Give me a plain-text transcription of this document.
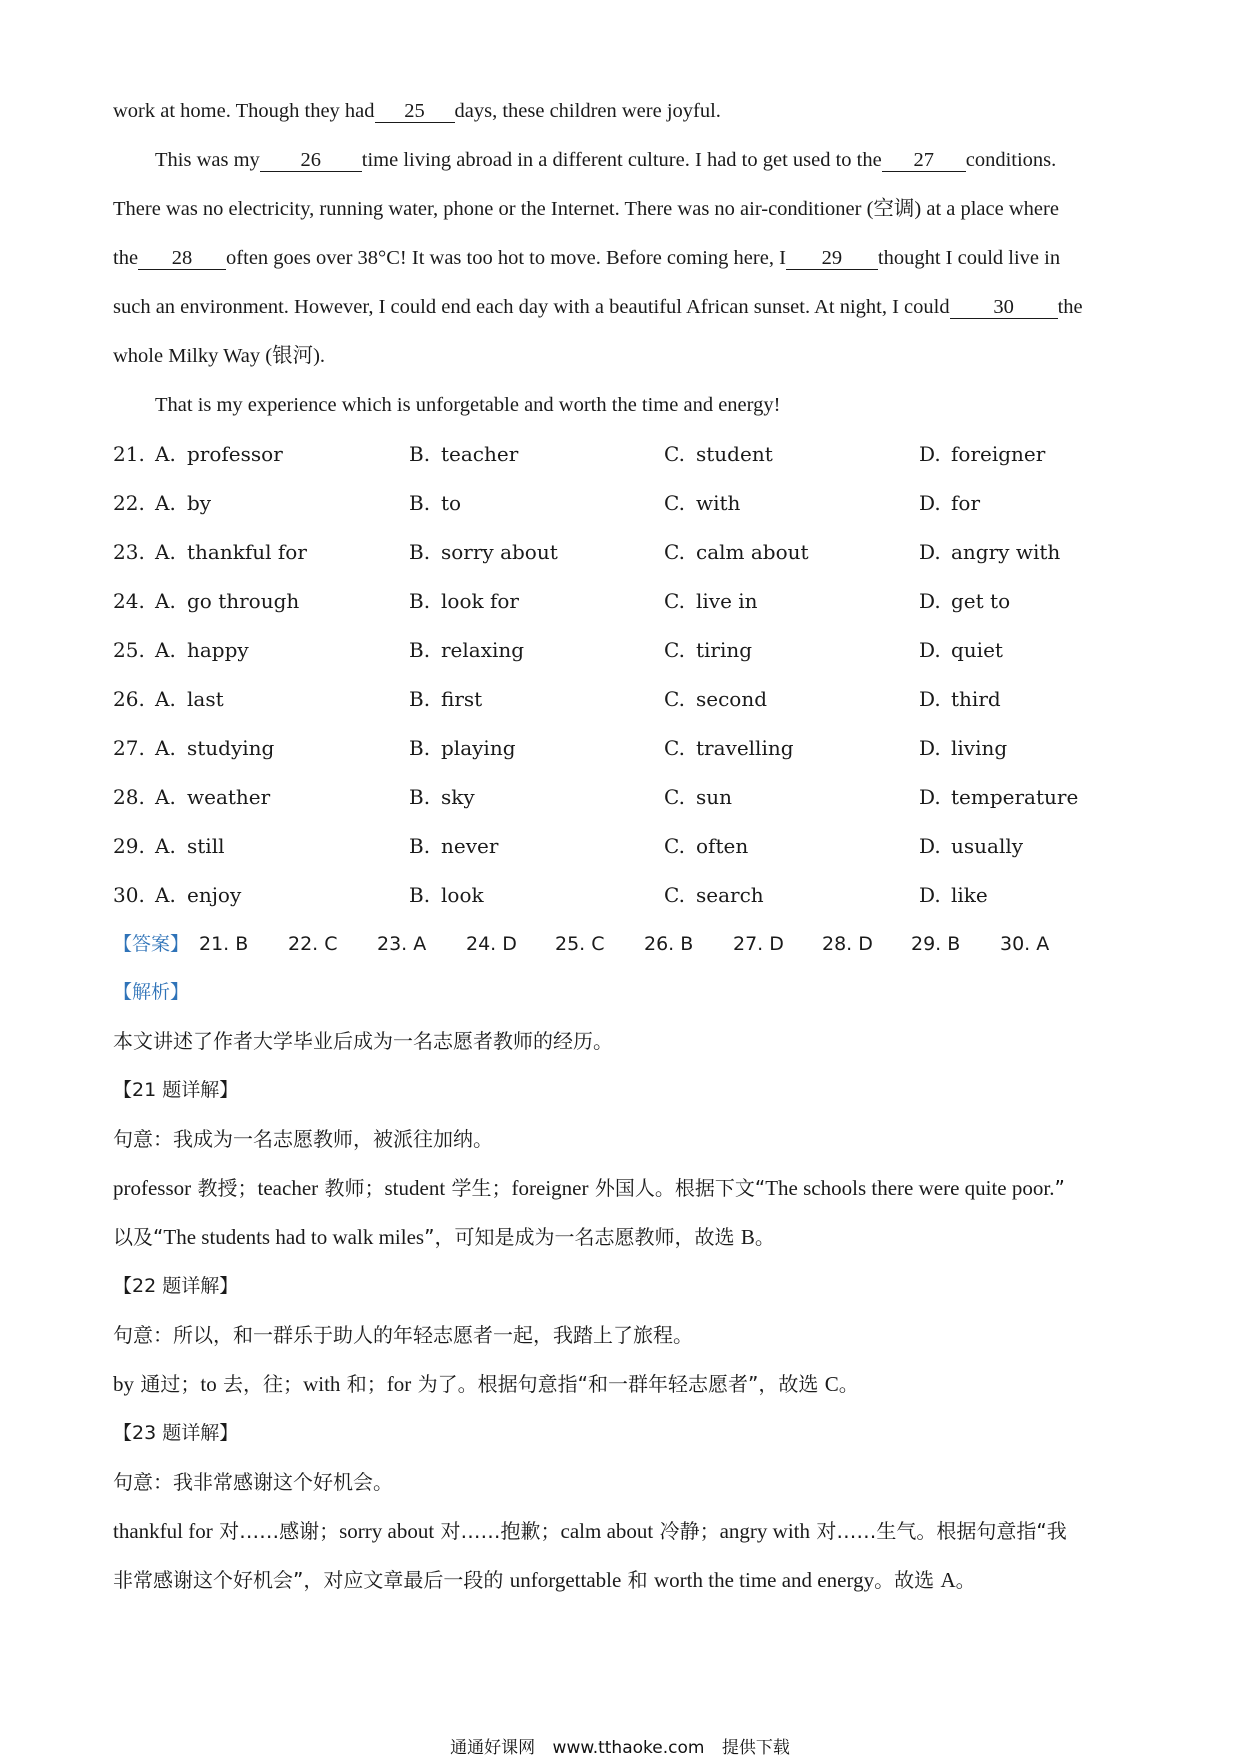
work at home. Though they had 25 days, these children were joyful.
This was my 26 time living abroad in a different culture. I had to get used to the 27 conditions.
There was no electricity, running water, phone or the Internet. There was no air-conditioner (空调) at a place where
the 28 often goes over 38°C! It was too hot to move. Before coming here, I 29 thought I could live in
such an environment. However, I could end each day with a beautiful African sunset. At night, I could 30 the
whole Milky Way (银河).
That is my experience which is unforgetable and worth the time and energy!
21. A. professor	B. teacher	C. student	D. foreigner
22. A. by	B. to	C. with	D. for
23. A. thankful for	B. sorry about	C. calm about	D. angry with
24. A. go through	B. look for	C. live in	D. get to
25. A. happy	B. relaxing	C. tiring	D. quiet
26. A. last	B. first	C. second	D. third
27. A. studying	B. playing	C. travelling	D. living
28. A. weather	B. sky	C. sun	D. temperature
29. A. still	B. never	C. often	D. usually
30. A. enjoy	B. look	C. search	D. like
【答案】 21. B 22. C 23. A 24. D 25. C 26. B 27. D 28. D 29. B 30. A
【解析】
本文讲述了作者大学毕业后成为一名志愿者教师的经历。
【21 题详解】
句意：我成为一名志愿教师，被派往加纳。
professor 教授；teacher 教师；student 学生；foreigner 外国人。根据下文“The schools there were quite poor.”
以及“The students had to walk miles”，可知是成为一名志愿教师，故选 B。
【22 题详解】
句意：所以，和一群乐于助人的年轻志愿者一起，我踏上了旅程。
by 通过；to 去，往；with 和；for 为了。根据句意指“和一群年轻志愿者”，故选 C。
【23 题详解】
句意：我非常感谢这个好机会。
thankful for 对……感谢；sorry about 对……抱歉；calm about 冷静；angry with 对……生气。根据句意指“我
非常感谢这个好机会”，对应文章最后一段的 unforgettable 和 worth the time and energy。故选 A。
通通好课网 www.tthaoke.com 提供下载
